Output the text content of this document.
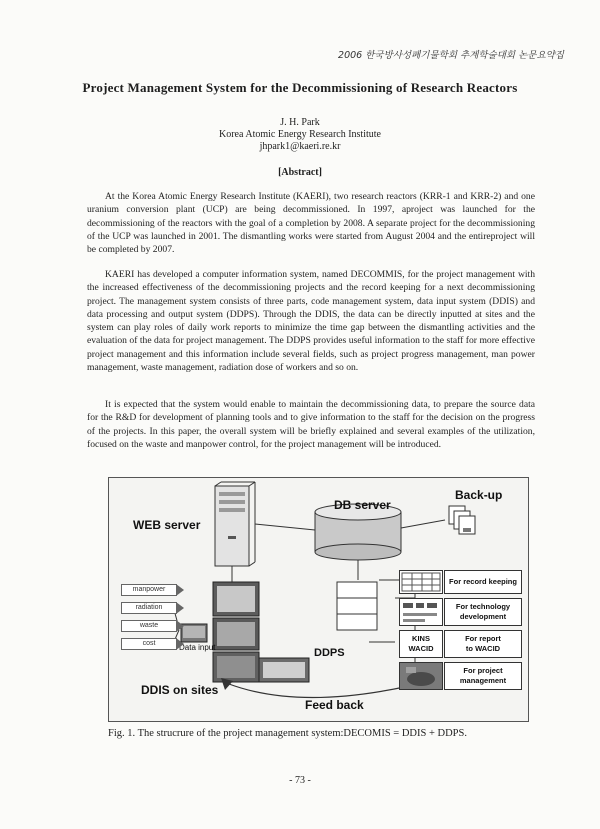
2006 한국방사성폐기물학회 추계학술대회 논문요약집
Project Management System for the Decommissioning of Research Reactors
J. H. Park
Korea Atomic Energy Research Institute
jhpark1@kaeri.re.kr
[Abstract]

At the Korea Atomic Energy Research Institute (KAERI), two research reactors (KRR-1 and KRR-2) and one uranium conversion plant (UCP) are being decommissioned. In 1997, aproject was launched for the decommissioning of the reactors with the goal of a completion by 2008. A separate project for the decommissioning of the UCP was launched in 2001. The dismantling works were started from August 2004 and the entireproject will be completed by 2007.

KAERI has developed a computer information system, named DECOMMIS, for the project management with the increased effectiveness of the decommissioning projects and the record keeping for a next decommissioning project. The management system consists of three parts, code management system, data input system (DDIS) and data processing and output system (DDPS). Through the DDIS, the data can be directly inputted at sites and the system can play roles of daily work reports to minimize the time gap between the dismantling activities and the evaluation of the data for project management. The DDPS provides useful information to the staff for more effective project management and this information include several fields, such as project progress management, man power management, waste management, radiation dose of workers and so on.

It is expected that the system would enable to maintain the decommissioning data, to prepare the source data for the R&D for development of planning tools and to give information to the staff for the decision on the progress of the projects. In this paper, the overall system will be briefly explained and several examples of the utilization, focused on the waste and manpower control, for the project management will be introduced.

WEB server
DB server
Back-up
DDIS on sites
DDPS
Data input
Feed back
manpower
radiation
waste
cost
For record keeping
For technology
development
KINS
WACID
For report
to WACID
For project
management
Fig. 1. The strucrure of the project management system:DECOMIS = DDIS + DDPS.
- 73 -
